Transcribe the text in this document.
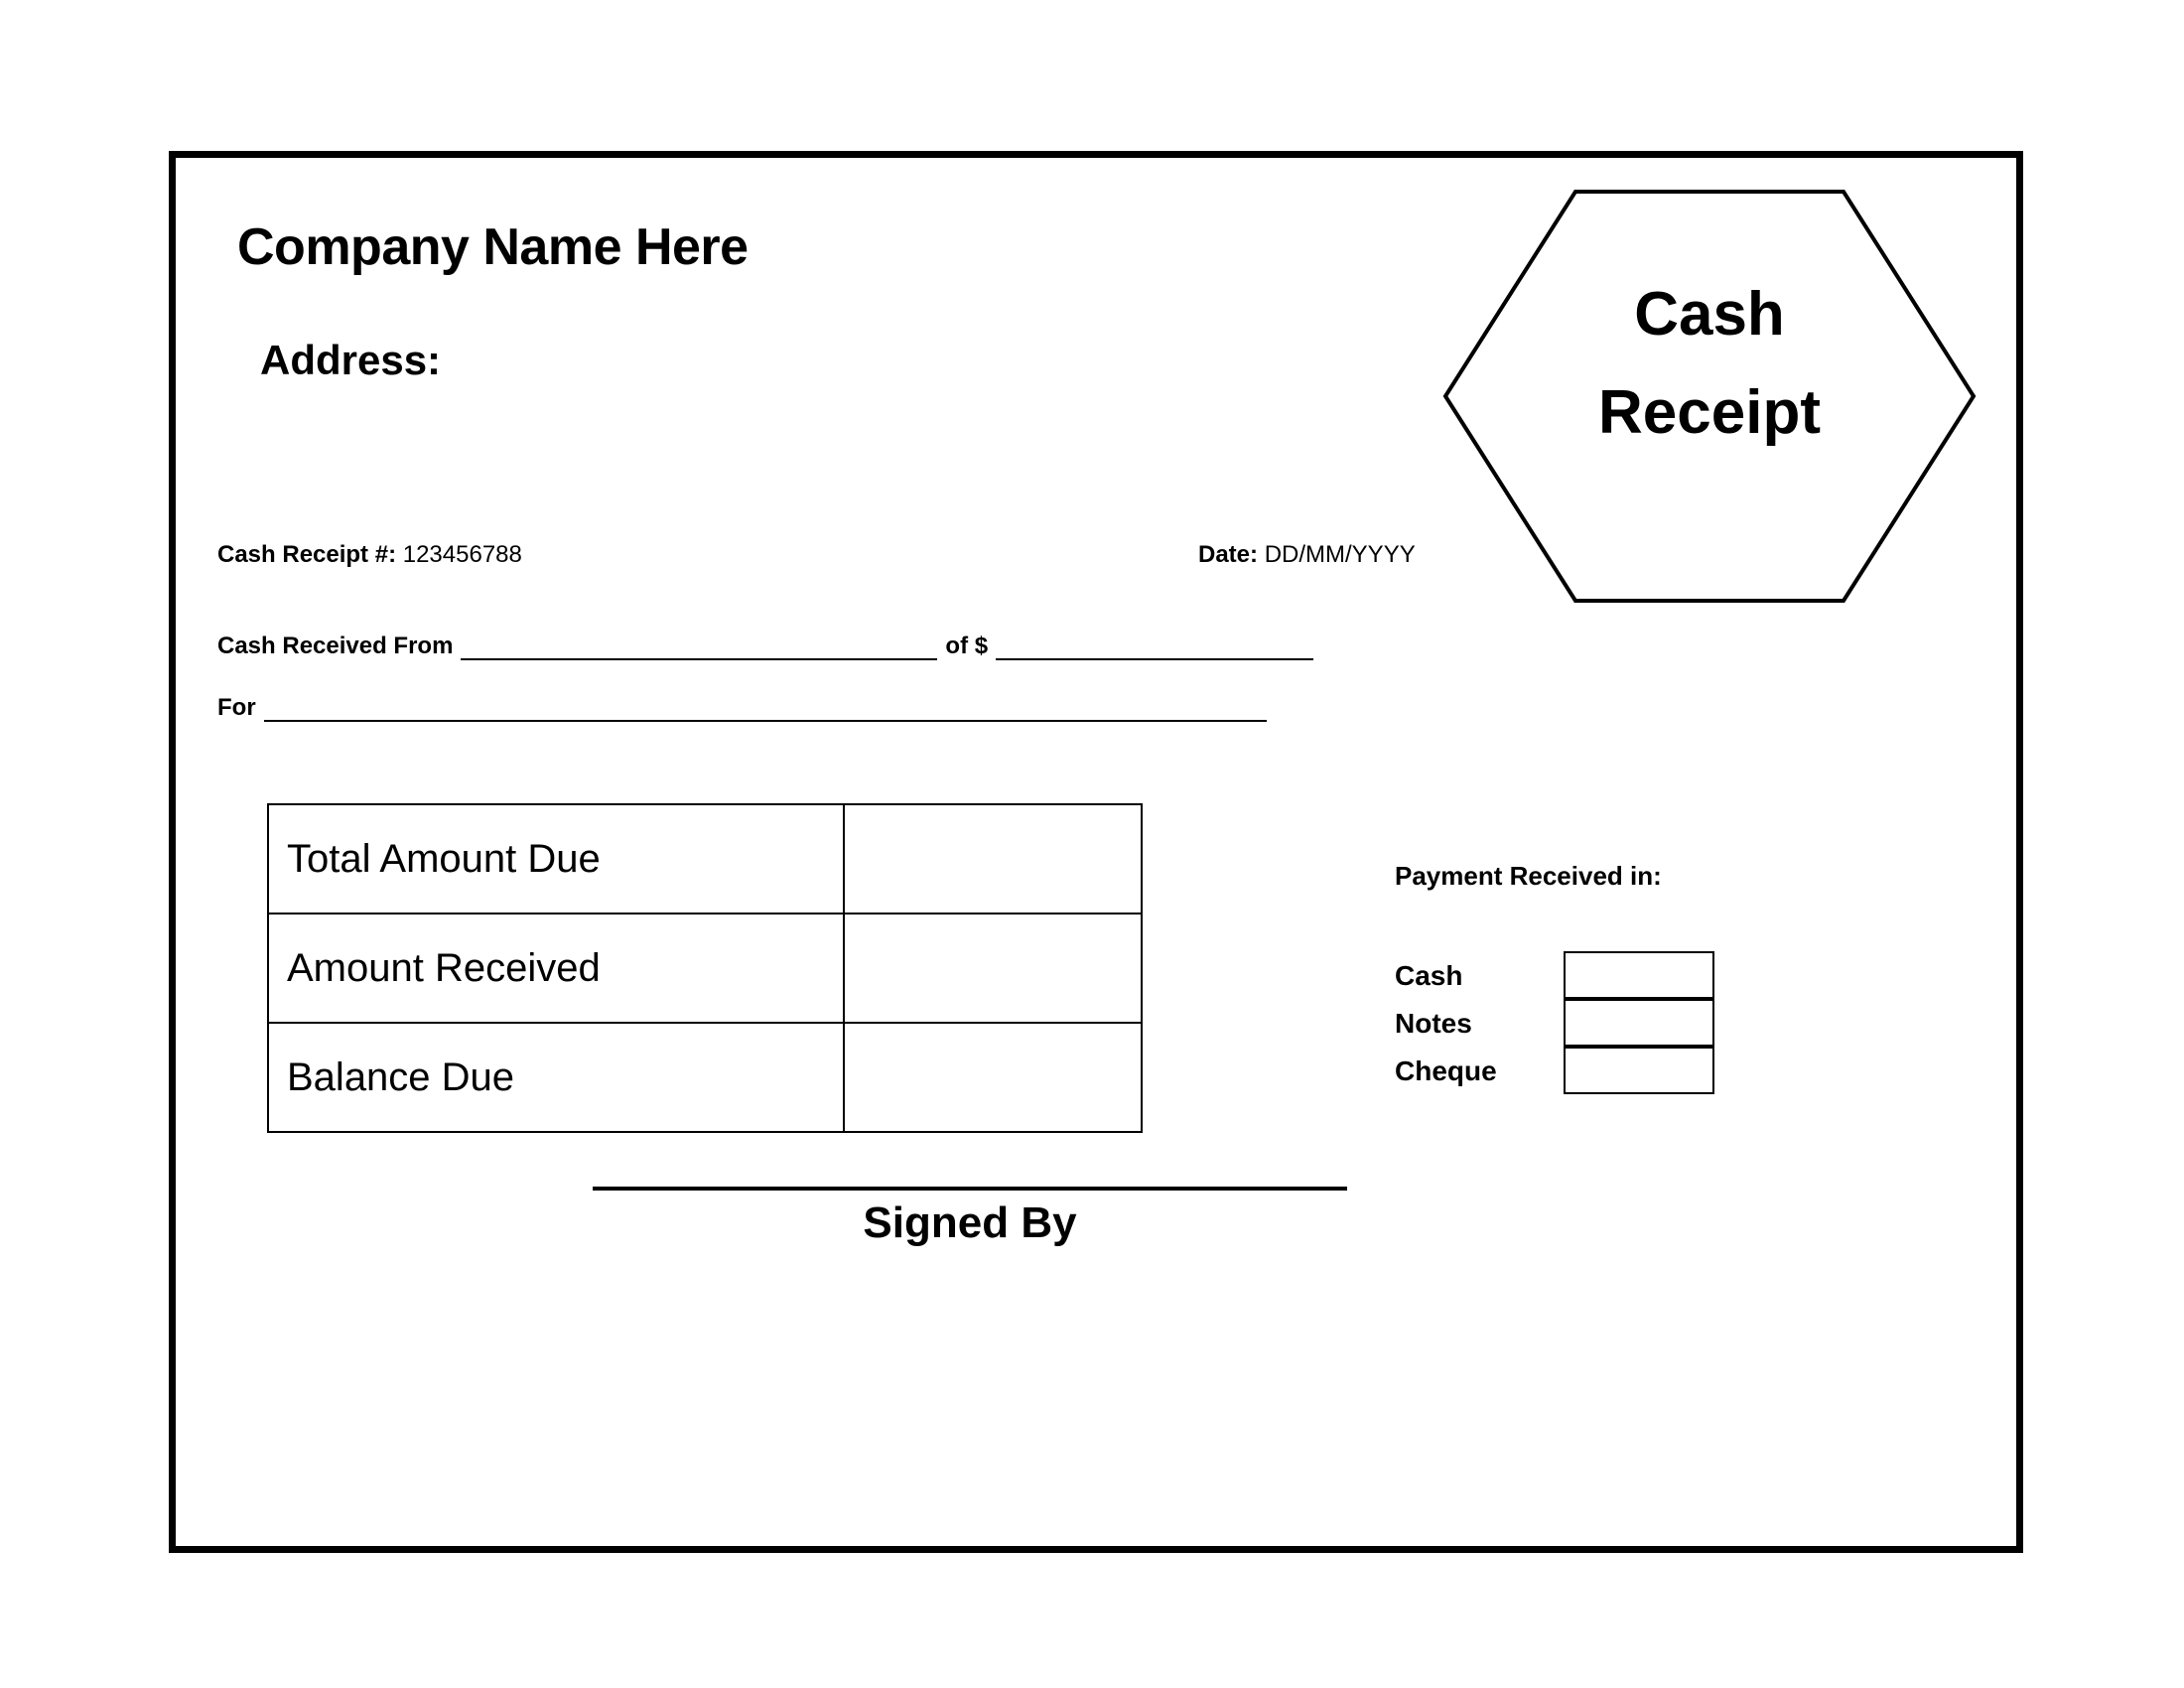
Company Name Here
Address:
Cash
Receipt
Cash Receipt #: 123456788	Date: DD/MM/YYYY
Cash Received From	of $
For
Total Amount Due	
Amount Received	
Balance Due	
Payment Received in:
Cash
Notes
Cheque
Signed By
